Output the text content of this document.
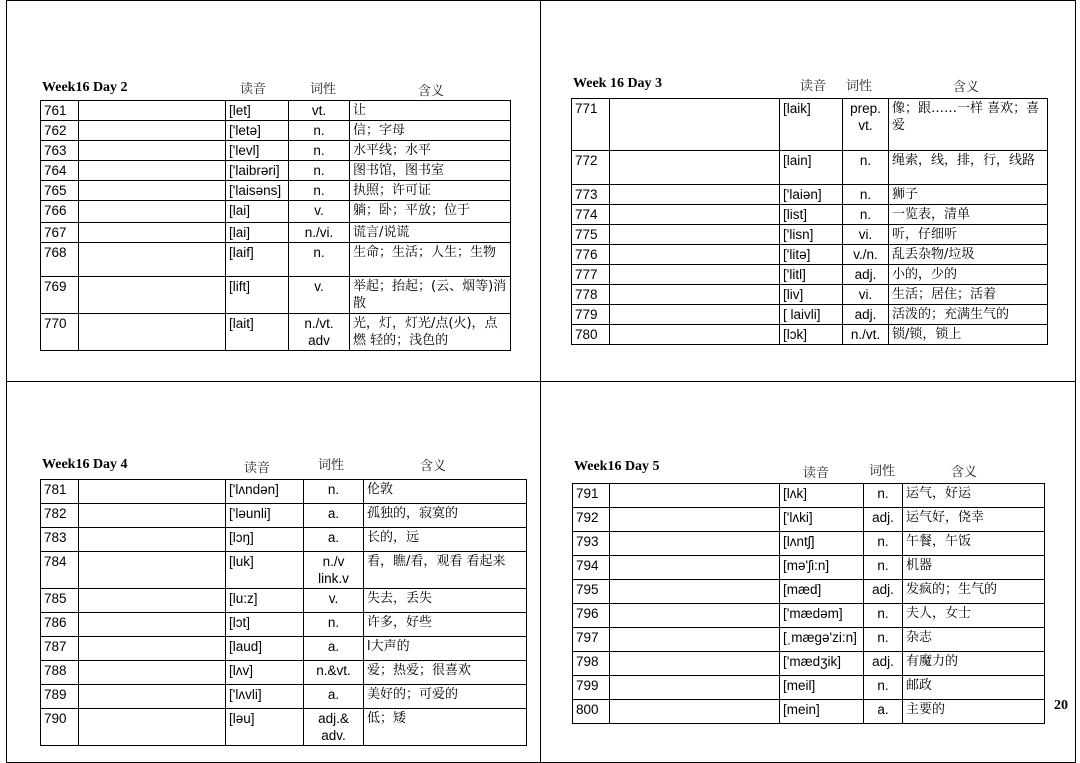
Week16 Day 2	读音	词性	含义
761		[let]	vt.	让
762		['letə]	n.	信；字母
763		['levl]	n.	水平线；水平
764		['laibrəri]	n.	图书馆，图书室
765		['laisəns]	n.	执照；许可证
766		[lai]	v.	躺；卧；平放；位于
767		[lai]	n./vi.	谎言/说谎
768		[laif]	n.	生命；生活；人生；生物
769		[lift]	v.	举起；抬起；(云、烟等)消散
770		[lait]	n./vt. adv	光，灯，灯光/点(火)，点燃 轻的；浅色的
Week 16 Day 3	读音 词性	含义
771		[laik]	prep. vt.	像；跟……一样 喜欢；喜爱
772		[lain]	n.	绳索，线，排，行，线路
773		['laiən]	n.	狮子
774		[list]	n.	一览表，清单
775		['lisn]	vi.	听，仔细听
776		['litə]	v./n.	乱丢杂物/垃圾
777		['litl]	adj.	小的，少的
778		[liv]	vi.	生活；居住；活着
779		[ laivli]	adj.	活泼的；充满生气的
780		[lɔk]	n./vt.	锁/锁，锁上
Week16 Day 4	读音	词性	含义
781		['lʌndən]	n.	伦敦
782		['ləunli]	a.	孤独的，寂寞的
783		[lɔŋ]	a.	长的，远
784		[luk]	n./v link.v	看，瞧/看，观看 看起来
785		[lu:z]	v.	失去，丢失
786		[lɔt]	n.	许多，好些
787		[laud]	a.	l大声的
788		[lʌv]	n.&vt.	爱；热爱；很喜欢
789		['lʌvli]	a.	美好的；可爱的
790		[ləu]	adj.& adv.	低；矮
Week16 Day 5	读音	词性	含义
791		[lʌk]	n.	运气，好运
792		['lʌki]	adj.	运气好，侥幸
793		[lʌntʃ]	n.	午餐，午饭
794		[mə'ʃi:n]	n.	机器
795		[mæd]	adj.	发疯的；生气的
796		['mædəm]	n.	夫人，女士
797		[ˌmægə'zi:n]	n.	杂志
798		['mædʒik]	adj.	有魔力的
799		[meil]	n.	邮政
800		[mein]	a.	主要的	20
